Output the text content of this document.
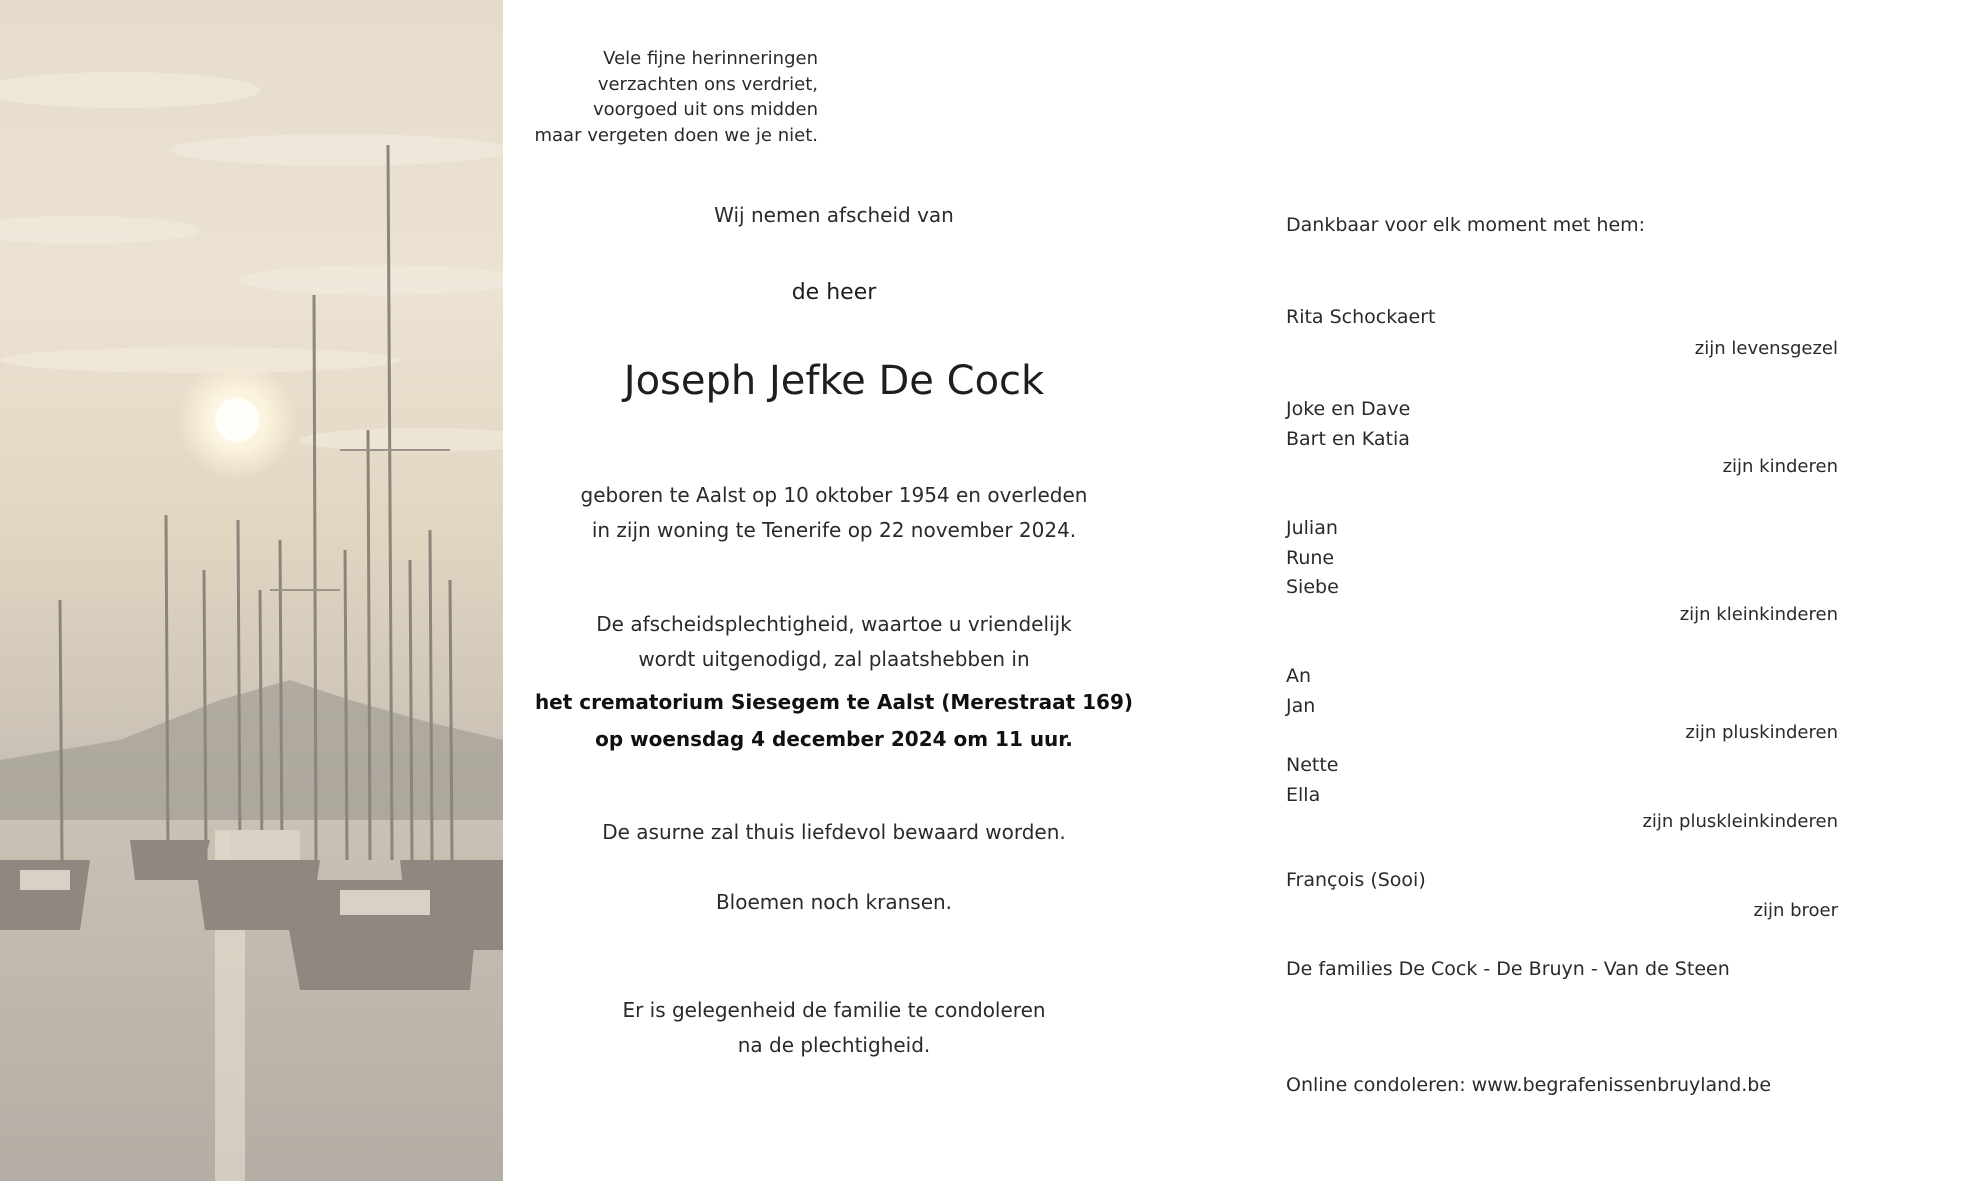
Vele fijne herinneringen
verzachten ons verdriet,
voorgoed uit ons midden
maar vergeten doen we je niet.
Wij nemen afscheid van
de heer
Joseph Jefke De Cock
geboren te Aalst op 10 oktober 1954 en overleden
in zijn woning te Tenerife op 22 november 2024.
De afscheidsplechtigheid, waartoe u vriendelijk
wordt uitgenodigd, zal plaatshebben in
het crematorium Siesegem te Aalst (Merestraat 169)
op woensdag 4 december 2024 om 11 uur.
De asurne zal thuis liefdevol bewaard worden.
Bloemen noch kransen.
Er is gelegenheid de familie te condoleren
na de plechtigheid.
Dankbaar voor elk moment met hem:
Rita Schockaert
zijn levensgezel
Joke en Dave
Bart en Katia
zijn kinderen
Julian
Rune
Siebe
zijn kleinkinderen
An
Jan
zijn pluskinderen
Nette
Ella
zijn pluskleinkinderen
François (Sooi)
zijn broer
De families De Cock - De Bruyn - Van de Steen
Online condoleren: www.begrafenissenbruyland.be
